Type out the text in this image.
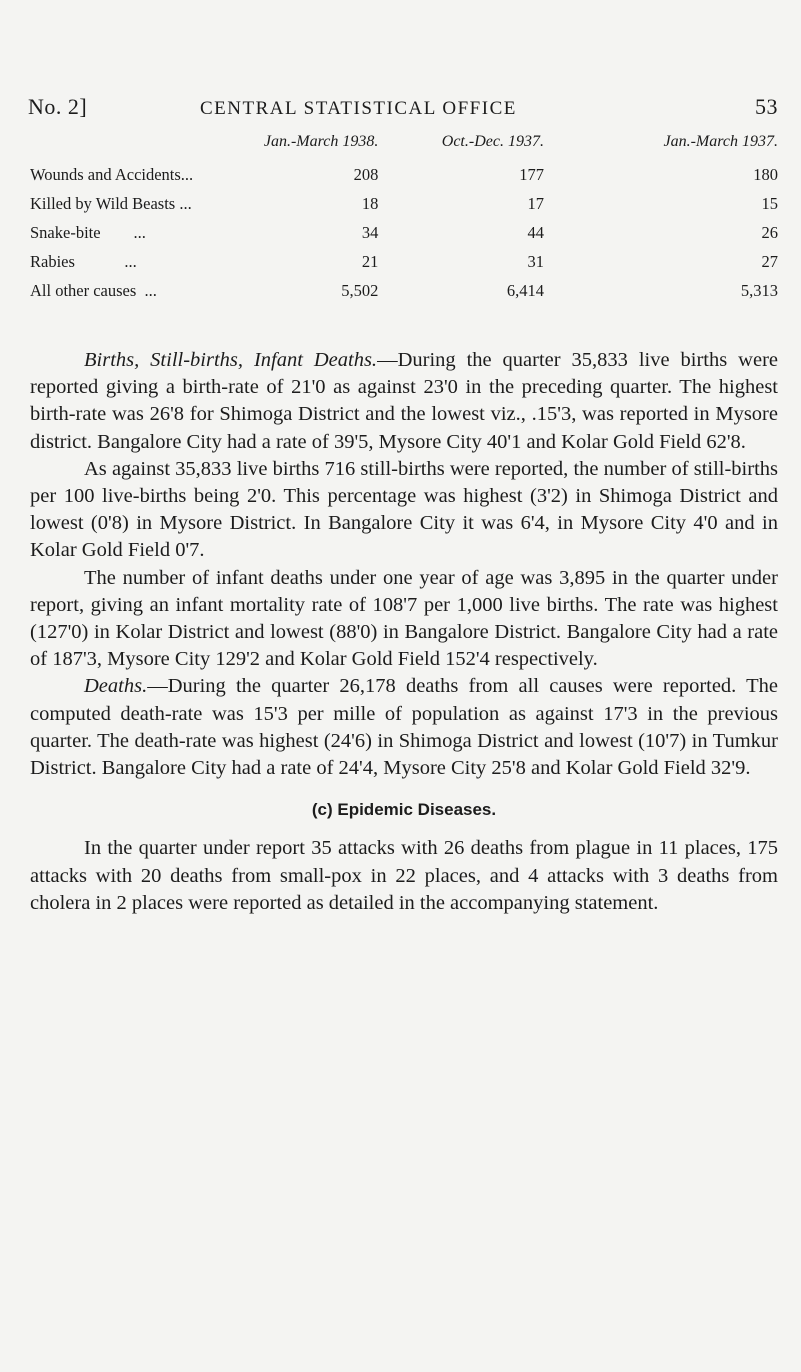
No. 2]	CENTRAL STATISTICAL OFFICE	53
	Jan.-March 1938.	Oct.-Dec. 1937.	Jan.-March 1937.
Wounds and Accidents...	208	177	180
Killed by Wild Beasts ...	18	17	15
Snake-bite        ...	34	44	26
Rabies            ...	21	31	27
All other causes  ...	5,502	6,414	5,313

Births, Still-births, Infant Deaths.—During the quarter 35,833 live births were reported giving a birth-rate of 21'0 as against 23'0 in the preceding quarter. The highest birth-rate was 26'8 for Shimoga District and the lowest viz., .15'3, was reported in Mysore district. Bangalore City had a rate of 39'5, Mysore City 40'1 and Kolar Gold Field 62'8.

As against 35,833 live births 716 still-births were reported, the number of still-births per 100 live-births being 2'0. This percentage was highest (3'2) in Shimoga District and lowest (0'8) in Mysore District. In Bangalore City it was 6'4, in Mysore City 4'0 and in Kolar Gold Field 0'7.

The number of infant deaths under one year of age was 3,895 in the quarter under report, giving an infant mortality rate of 108'7 per 1,000 live births. The rate was highest (127'0) in Kolar District and lowest (88'0) in Bangalore District. Bangalore City had a rate of 187'3, Mysore City 129'2 and Kolar Gold Field 152'4 respectively.

Deaths.—During the quarter 26,178 deaths from all causes were reported. The computed death-rate was 15'3 per mille of population as against 17'3 in the previous quarter. The death-rate was highest (24'6) in Shimoga District and lowest (10'7) in Tumkur District. Bangalore City had a rate of 24'4, Mysore City 25'8 and Kolar Gold Field 32'9.

(c) Epidemic Diseases.

In the quarter under report 35 attacks with 26 deaths from plague in 11 places, 175 attacks with 20 deaths from small-pox in 22 places, and 4 attacks with 3 deaths from cholera in 2 places were reported as detailed in the accompanying statement.
